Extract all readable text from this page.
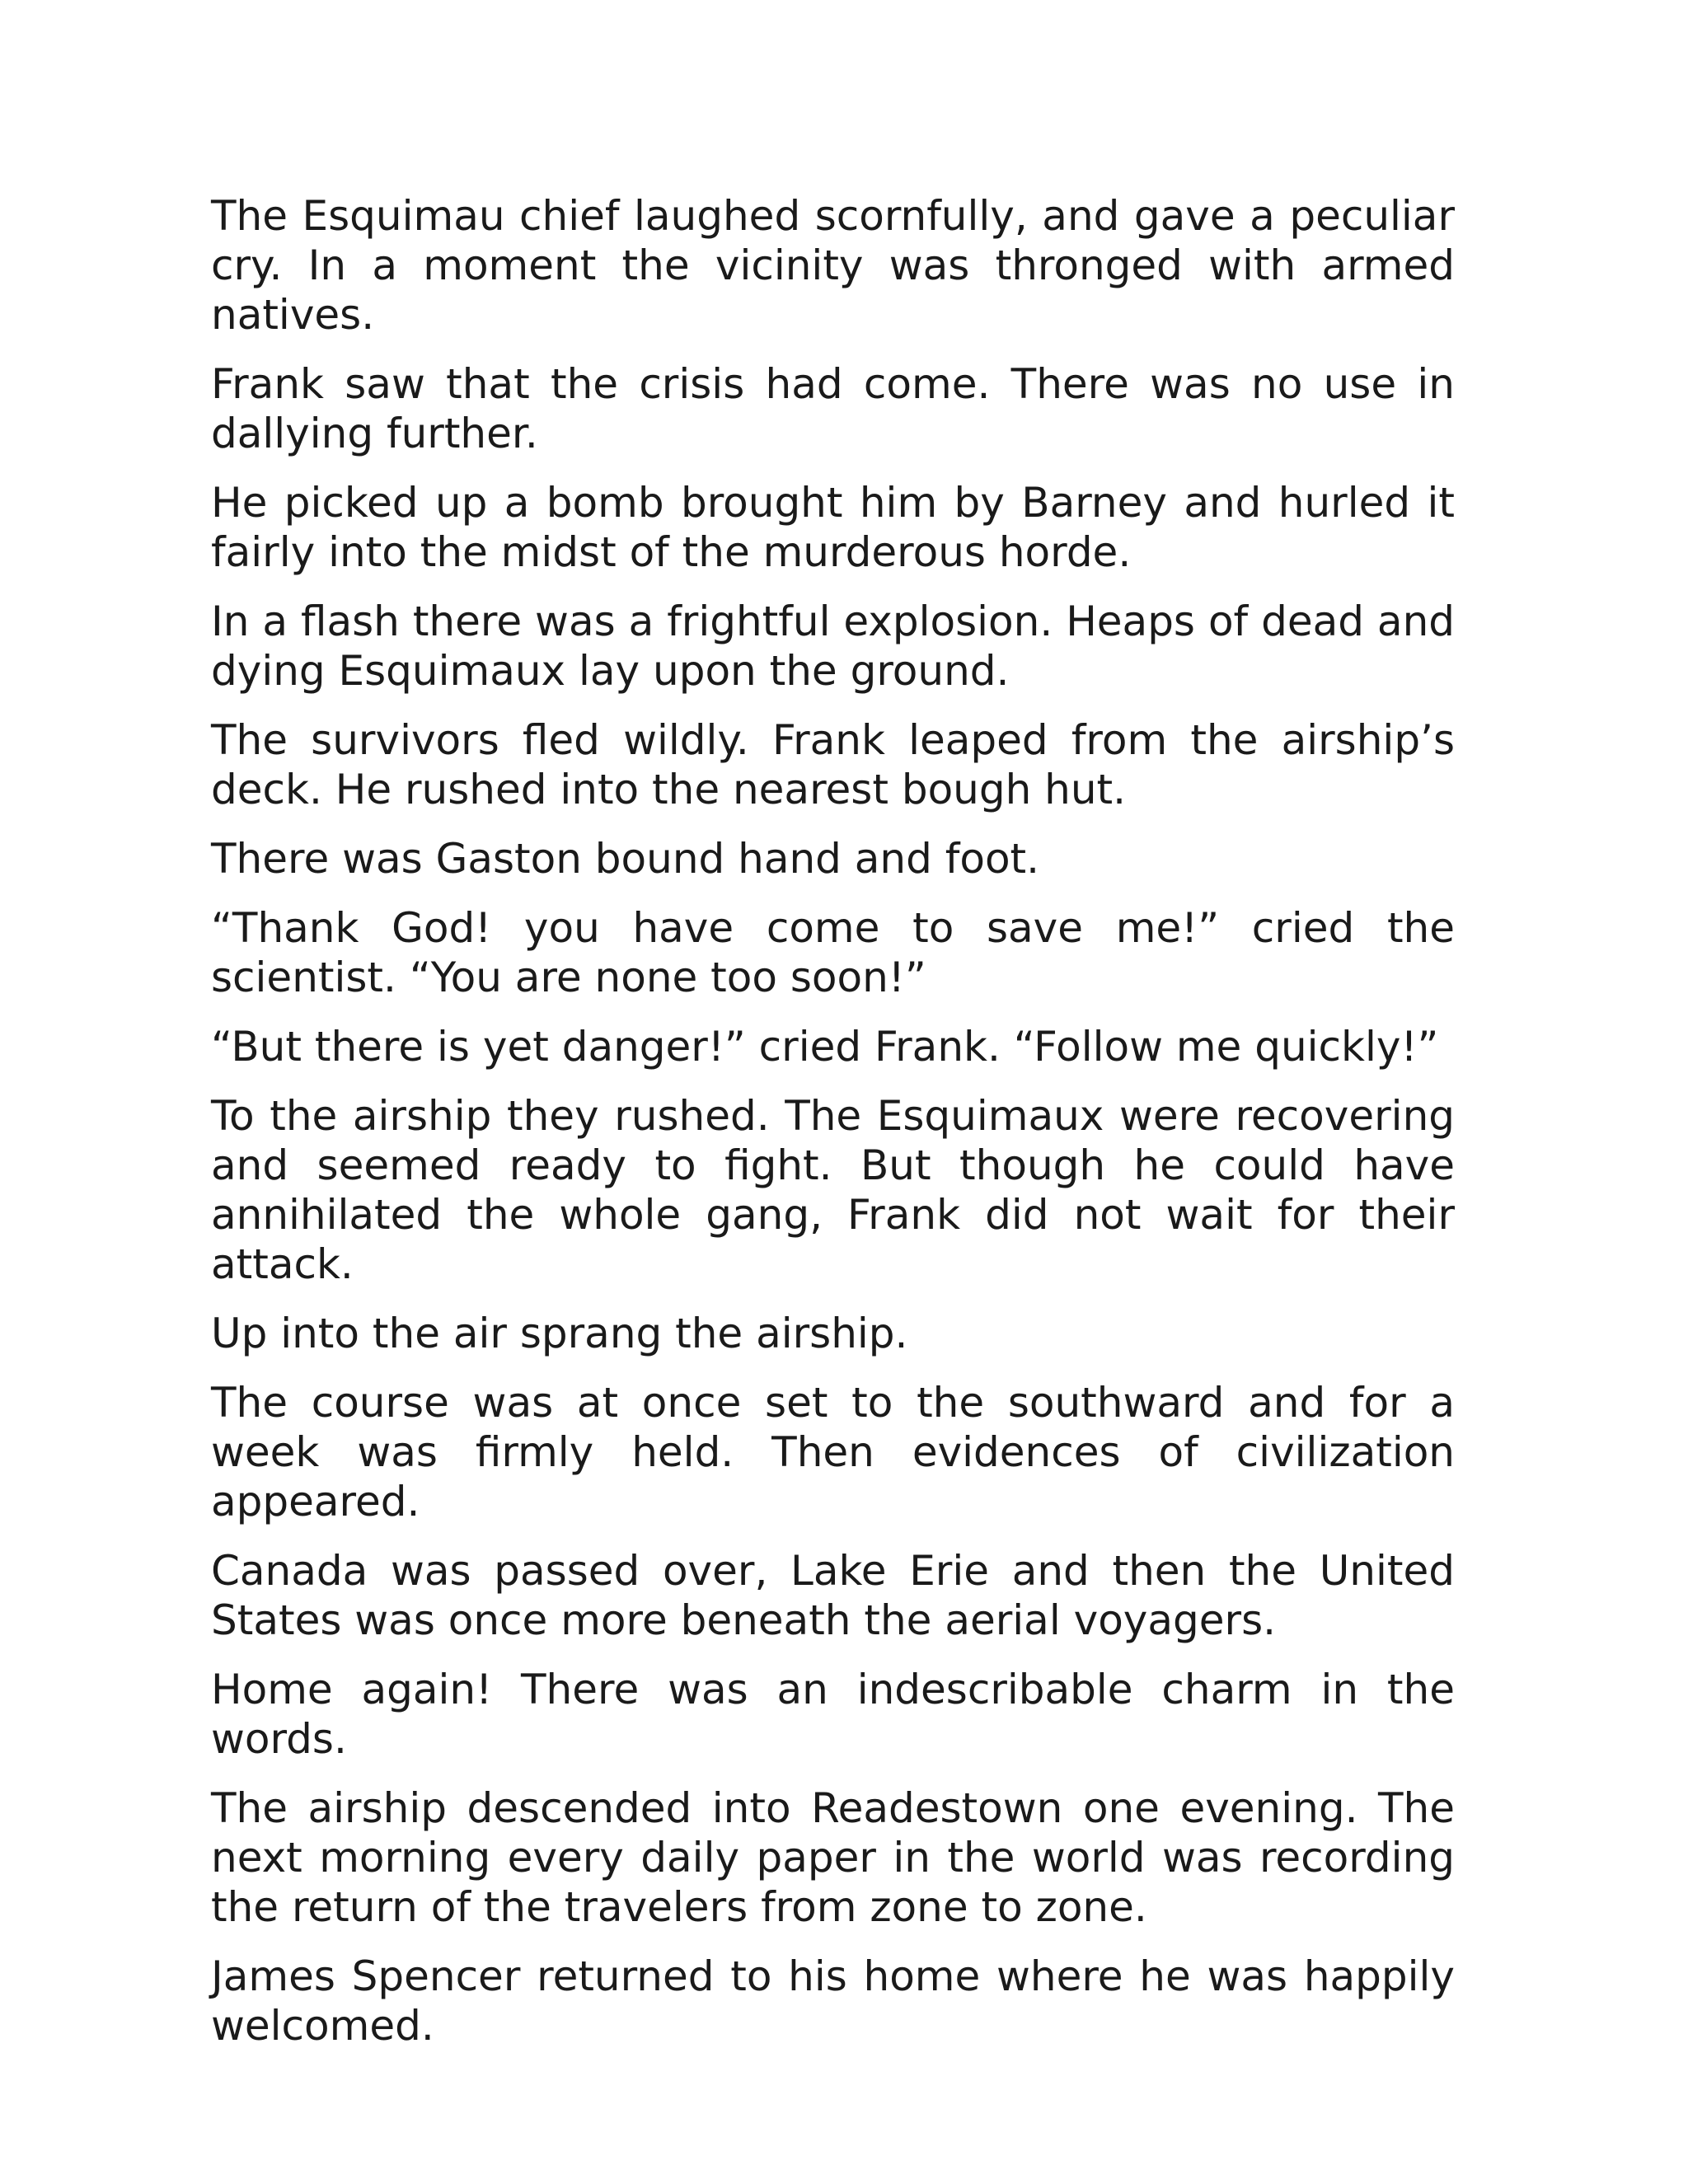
The Esquimau chief laughed scornfully, and gave a peculiar cry. In a moment the vicinity was thronged with armed natives.

Frank saw that the crisis had come. There was no use in dallying further.

He picked up a bomb brought him by Barney and hurled it fairly into the midst of the murderous horde.

In a flash there was a frightful explosion. Heaps of dead and dying Esquimaux lay upon the ground.

The survivors fled wildly. Frank leaped from the airship’s deck. He rushed into the nearest bough hut.

There was Gaston bound hand and foot.

“Thank God! you have come to save me!” cried the scientist. “You are none too soon!”

“But there is yet danger!” cried Frank. “Follow me quickly!”

To the airship they rushed. The Esquimaux were recovering and seemed ready to fight. But though he could have annihilated the whole gang, Frank did not wait for their attack.

Up into the air sprang the airship.

The course was at once set to the southward and for a week was firmly held. Then evidences of civilization appeared.

Canada was passed over, Lake Erie and then the United States was once more beneath the aerial voyagers.

Home again! There was an indescribable charm in the words.

The airship descended into Readestown one evening. The next morning every daily paper in the world was recording the return of the travelers from zone to zone.

James Spencer returned to his home where he was happily welcomed.
